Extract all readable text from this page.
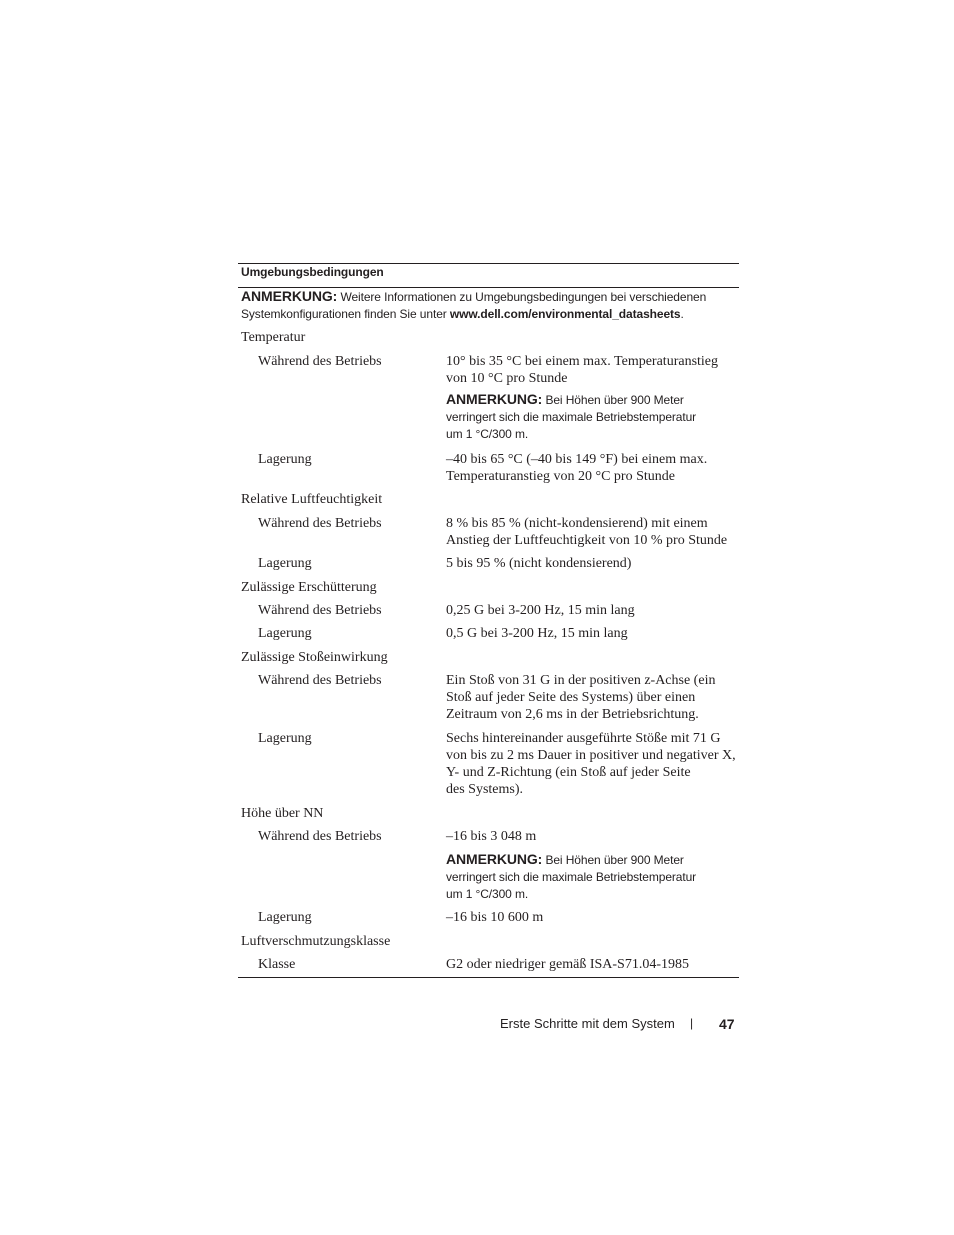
Umgebungsbedingungen
ANMERKUNG: Weitere Informationen zu Umgebungsbedingungen bei verschiedenen
Systemkonfigurationen finden Sie unter www.dell.com/environmental_datasheets.
Temperatur
Während des Betriebs	10° bis 35 °C bei einem max. Temperaturanstieg
von 10 °C pro Stunde
ANMERKUNG: Bei Höhen über 900 Meter
verringert sich die maximale Betriebstemperatur
um 1 °C/300 m.
Lagerung	–40 bis 65 °C (–40 bis 149 °F) bei einem max.
Temperaturanstieg von 20 °C pro Stunde
Relative Luftfeuchtigkeit
Während des Betriebs	8 % bis 85 % (nicht-kondensierend) mit einem
Anstieg der Luftfeuchtigkeit von 10 % pro Stunde
Lagerung	5 bis 95 % (nicht kondensierend)
Zulässige Erschütterung
Während des Betriebs	0,25 G bei 3-200 Hz, 15 min lang
Lagerung	0,5 G bei 3-200 Hz, 15 min lang
Zulässige Stoßeinwirkung
Während des Betriebs	Ein Stoß von 31 G in der positiven z-Achse (ein
Stoß auf jeder Seite des Systems) über einen
Zeitraum von 2,6 ms in der Betriebsrichtung.
Lagerung	Sechs hintereinander ausgeführte Stöße mit 71 G
von bis zu 2 ms Dauer in positiver und negativer X,
Y- und Z-Richtung (ein Stoß auf jeder Seite
des Systems).
Höhe über NN
Während des Betriebs	–16 bis 3 048 m
ANMERKUNG: Bei Höhen über 900 Meter
verringert sich die maximale Betriebstemperatur
um 1 °C/300 m.
Lagerung	–16 bis 10 600 m
Luftverschmutzungsklasse
Klasse	G2 oder niedriger gemäß ISA-S71.04-1985
Erste Schritte mit dem System | 47
